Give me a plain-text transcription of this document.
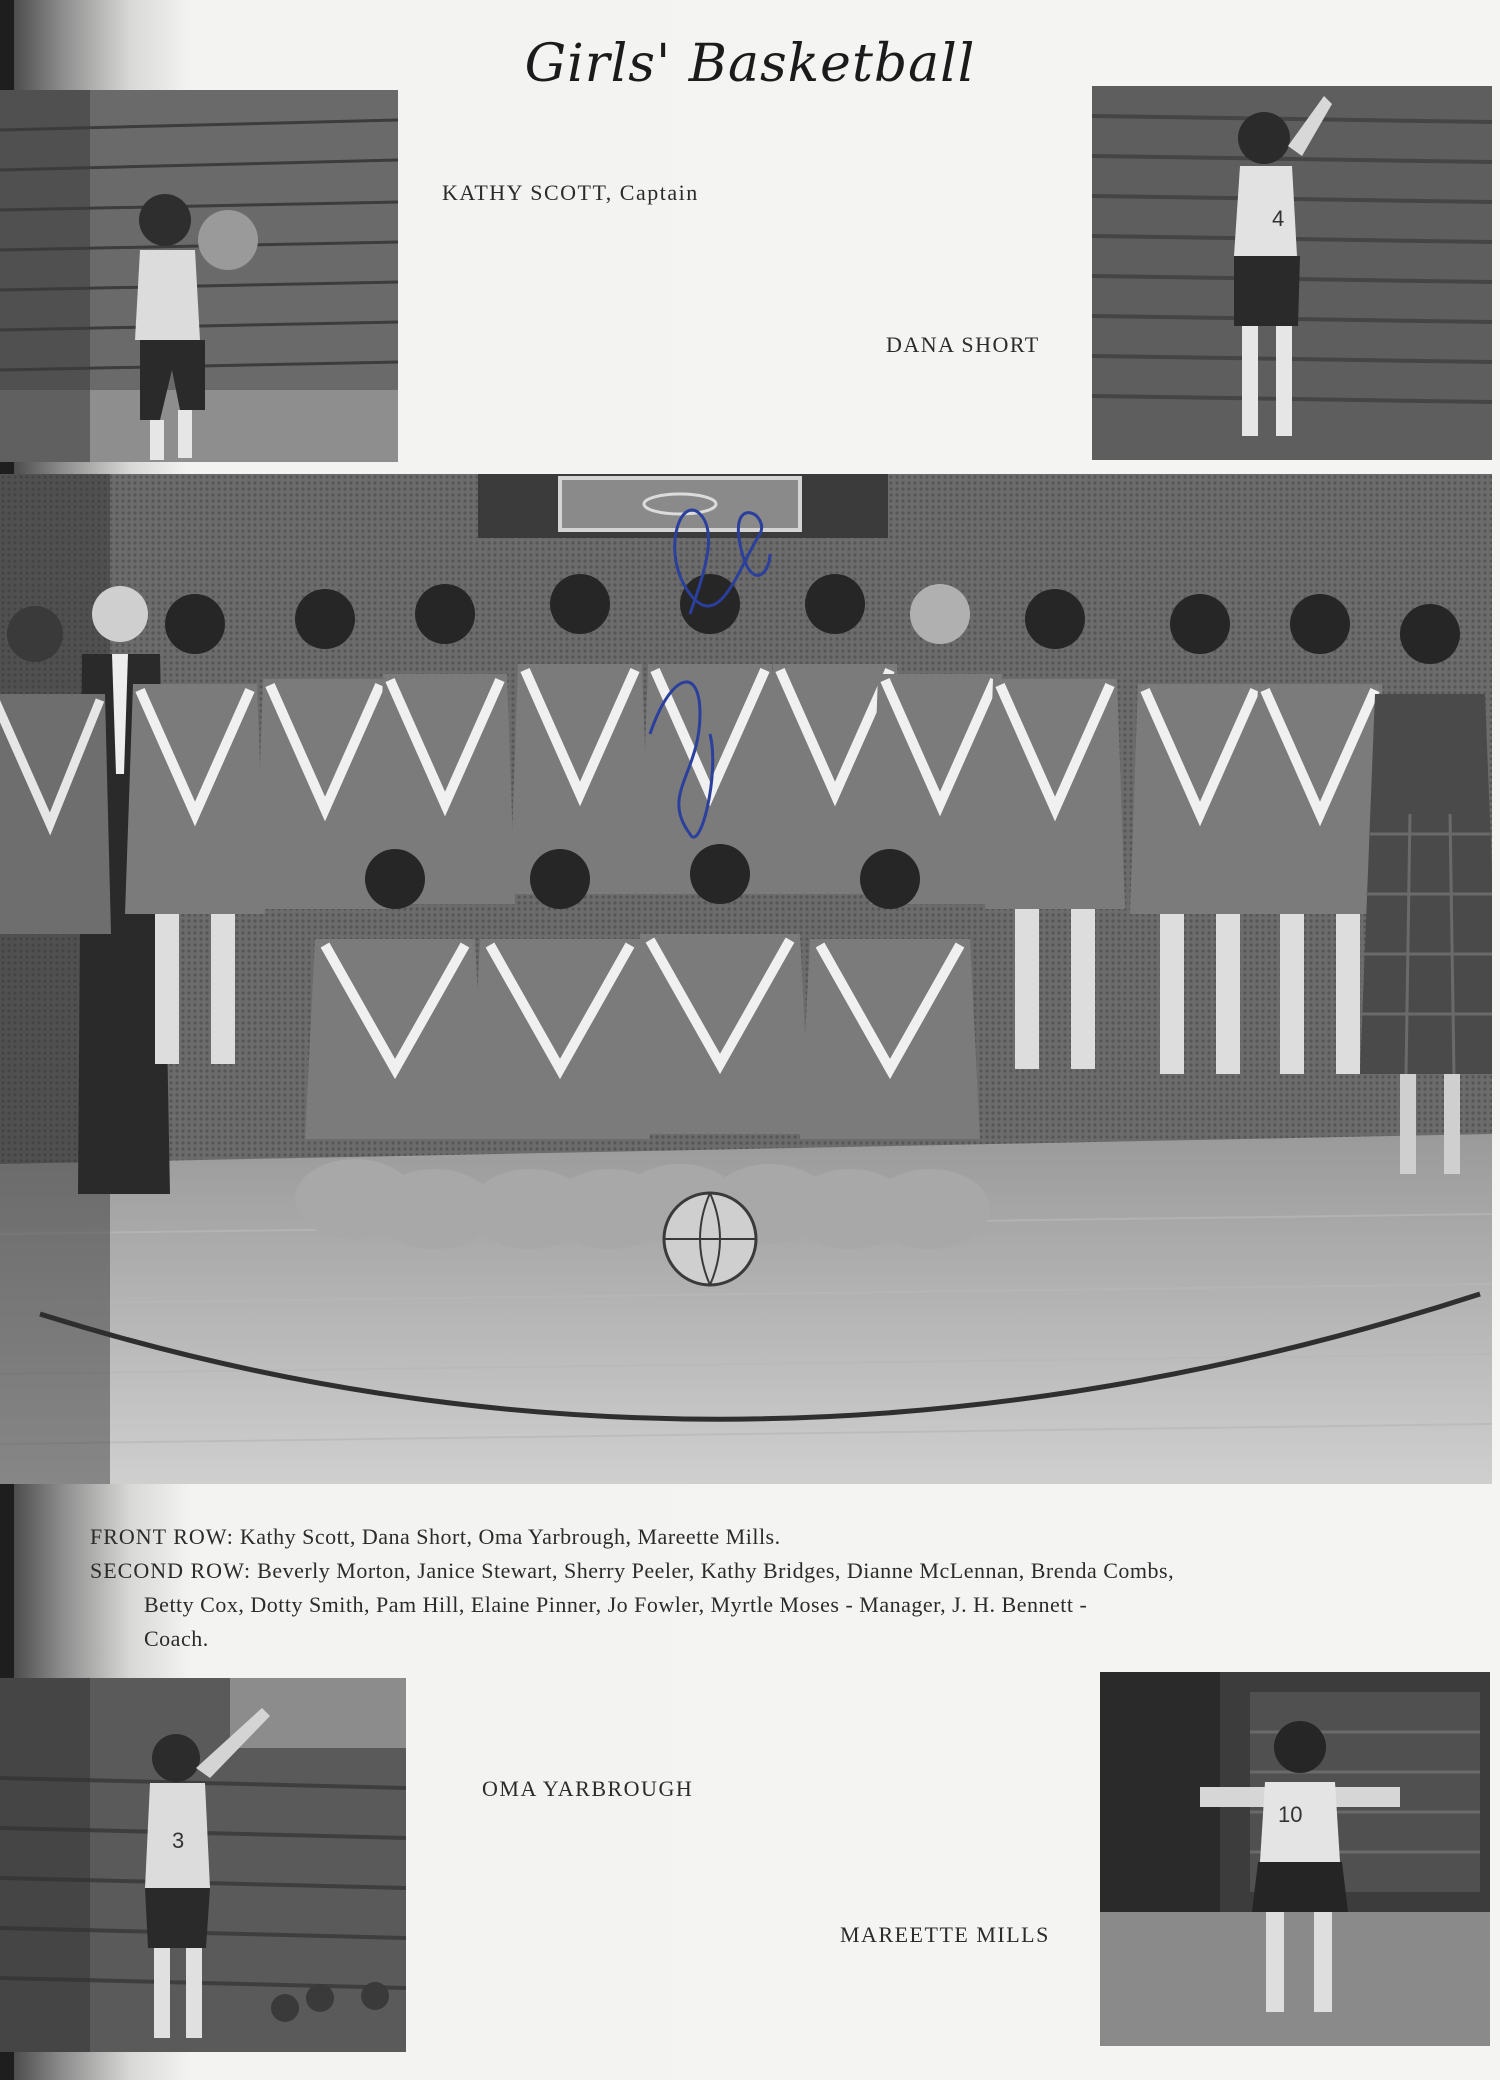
Girls' Basketball
KATHY SCOTT, Captain
4
DANA SHORT
FRONT ROW: Kathy Scott, Dana Short, Oma Yarbrough, Mareette Mills.
SECOND ROW: Beverly Morton, Janice Stewart, Sherry Peeler, Kathy Bridges, Dianne McLennan, Brenda Combs,
Betty Cox, Dotty Smith, Pam Hill, Elaine Pinner, Jo Fowler, Myrtle Moses - Manager, J. H. Bennett -
Coach.
3
OMA YARBROUGH
10
MAREETTE MILLS
